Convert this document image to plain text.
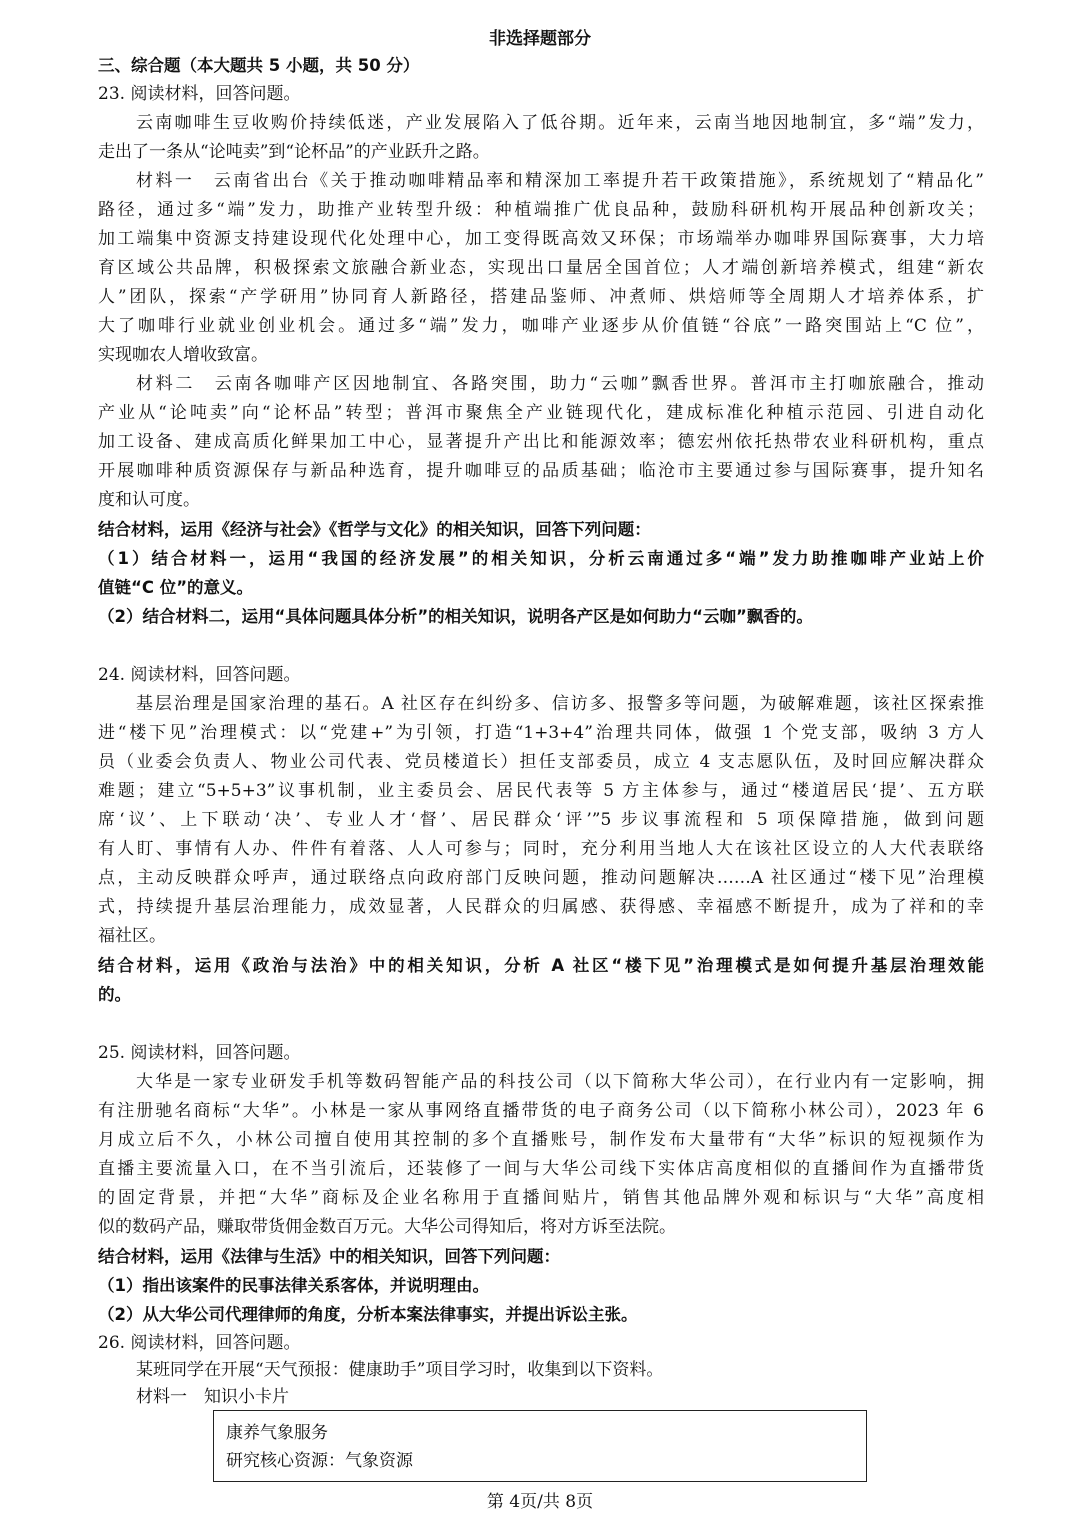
非选择题部分
三、综合题（本大题共 5 小题，共 50 分）
23. 阅读材料，回答问题。
云南咖啡生豆收购价持续低迷，产业发展陷入了低谷期。近年来，云南当地因地制宜，多“端”发力，
走出了一条从“论吨卖”到“论杯品”的产业跃升之路。
材料一　云南省出台《关于推动咖啡精品率和精深加工率提升若干政策措施》，系统规划了“精品化”
路径，通过多“端”发力，助推产业转型升级：种植端推广优良品种，鼓励科研机构开展品种创新攻关；
加工端集中资源支持建设现代化处理中心，加工变得既高效又环保；市场端举办咖啡界国际赛事，大力培
育区域公共品牌，积极探索文旅融合新业态，实现出口量居全国首位；人才端创新培养模式，组建“新农
人”团队，探索“产学研用”协同育人新路径，搭建品鉴师、冲煮师、烘焙师等全周期人才培养体系，扩
大了咖啡行业就业创业机会。通过多“端”发力，咖啡产业逐步从价值链“谷底”一路突围站上“C 位”，
实现咖农人增收致富。
材料二　云南各咖啡产区因地制宜、各路突围，助力“云咖”飘香世界。普洱市主打咖旅融合，推动
产业从“论吨卖”向“论杯品”转型；普洱市聚焦全产业链现代化，建成标准化种植示范园、引进自动化
加工设备、建成高质化鲜果加工中心，显著提升产出比和能源效率；德宏州依托热带农业科研机构，重点
开展咖啡种质资源保存与新品种选育，提升咖啡豆的品质基础；临沧市主要通过参与国际赛事，提升知名
度和认可度。
结合材料，运用《经济与社会》《哲学与文化》的相关知识，回答下列问题：
（1）结合材料一，运用“我国的经济发展”的相关知识，分析云南通过多“端”发力助推咖啡产业站上价
值链“C 位”的意义。
（2）结合材料二，运用“具体问题具体分析”的相关知识，说明各产区是如何助力“云咖”飘香的。
24. 阅读材料，回答问题。
基层治理是国家治理的基石。A 社区存在纠纷多、信访多、报警多等问题，为破解难题，该社区探索推
进“楼下见”治理模式：以“党建+”为引领，打造“1+3+4”治理共同体，做强 1 个党支部，吸纳 3 方人
员（业委会负责人、物业公司代表、党员楼道长）担任支部委员，成立 4 支志愿队伍，及时回应解决群众
难题；建立“5+5+3”议事机制，业主委员会、居民代表等 5 方主体参与，通过“楼道居民‘提’、五方联
席‘议’、上下联动‘决’、专业人才‘督’、居民群众‘评’”5 步议事流程和 5 项保障措施，做到问题
有人盯、事情有人办、件件有着落、人人可参与；同时，充分利用当地人大在该社区设立的人大代表联络
点，主动反映群众呼声，通过联络点向政府部门反映问题，推动问题解决……A 社区通过“楼下见”治理模
式，持续提升基层治理能力，成效显著，人民群众的归属感、获得感、幸福感不断提升，成为了祥和的幸
福社区。
结合材料，运用《政治与法治》中的相关知识，分析 A 社区“楼下见”治理模式是如何提升基层治理效能
的。
25. 阅读材料，回答问题。
大华是一家专业研发手机等数码智能产品的科技公司（以下简称大华公司），在行业内有一定影响，拥
有注册驰名商标“大华”。小林是一家从事网络直播带货的电子商务公司（以下简称小林公司），2023 年 6
月成立后不久，小林公司擅自使用其控制的多个直播账号，制作发布大量带有“大华”标识的短视频作为
直播主要流量入口，在不当引流后，还装修了一间与大华公司线下实体店高度相似的直播间作为直播带货
的固定背景，并把“大华”商标及企业名称用于直播间贴片，销售其他品牌外观和标识与“大华”高度相
似的数码产品，赚取带货佣金数百万元。大华公司得知后，将对方诉至法院。
结合材料，运用《法律与生活》中的相关知识，回答下列问题：
（1）指出该案件的民事法律关系客体，并说明理由。
（2）从大华公司代理律师的角度，分析本案法律事实，并提出诉讼主张。
26. 阅读材料，回答问题。
某班同学在开展“天气预报：健康助手”项目学习时，收集到以下资料。
材料一　知识小卡片
康养气象服务
研究核心资源：气象资源
第 4页/共 8页
